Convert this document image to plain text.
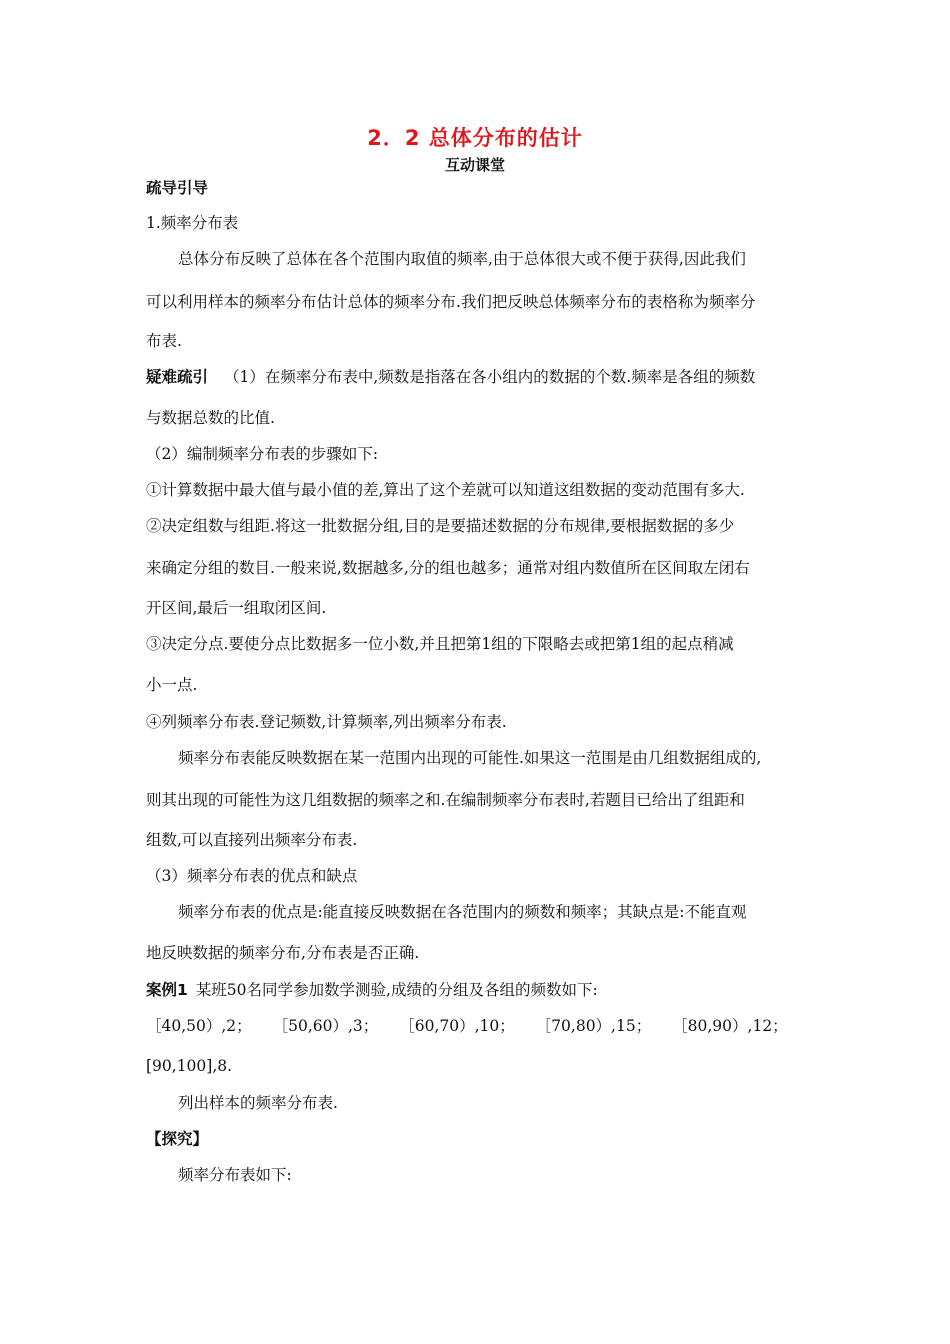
2．2 总体分布的估计
互动课堂
疏导引导
1.频率分布表
总体分布反映了总体在各个范围内取值的频率,由于总体很大或不便于获得,因此我们
可以利用样本的频率分布估计总体的频率分布.我们把反映总体频率分布的表格称为频率分
布表.
疑难疏引 （1）在频率分布表中,频数是指落在各小组内的数据的个数.频率是各组的频数
与数据总数的比值.
（2）编制频率分布表的步骤如下:
①计算数据中最大值与最小值的差,算出了这个差就可以知道这组数据的变动范围有多大.
②决定组数与组距.将这一批数据分组,目的是要描述数据的分布规律,要根据数据的多少
来确定分组的数目.一般来说,数据越多,分的组也越多；通常对组内数值所在区间取左闭右
开区间,最后一组取闭区间.
③决定分点.要使分点比数据多一位小数,并且把第1组的下限略去或把第1组的起点稍减
小一点.
④列频率分布表.登记频数,计算频率,列出频率分布表.
频率分布表能反映数据在某一范围内出现的可能性.如果这一范围是由几组数据组成的,
则其出现的可能性为这几组数据的频率之和.在编制频率分布表时,若题目已给出了组距和
组数,可以直接列出频率分布表.
（3）频率分布表的优点和缺点
频率分布表的优点是:能直接反映数据在各范围内的频数和频率；其缺点是:不能直观
地反映数据的频率分布,分布表是否正确.
案例1 某班50名同学参加数学测验,成绩的分组及各组的频数如下:
［40,50）,2； ［50,60）,3； ［60,70）,10； ［70,80）,15； ［80,90）,12；
[90,100],8.
列出样本的频率分布表.
【探究】
频率分布表如下:
